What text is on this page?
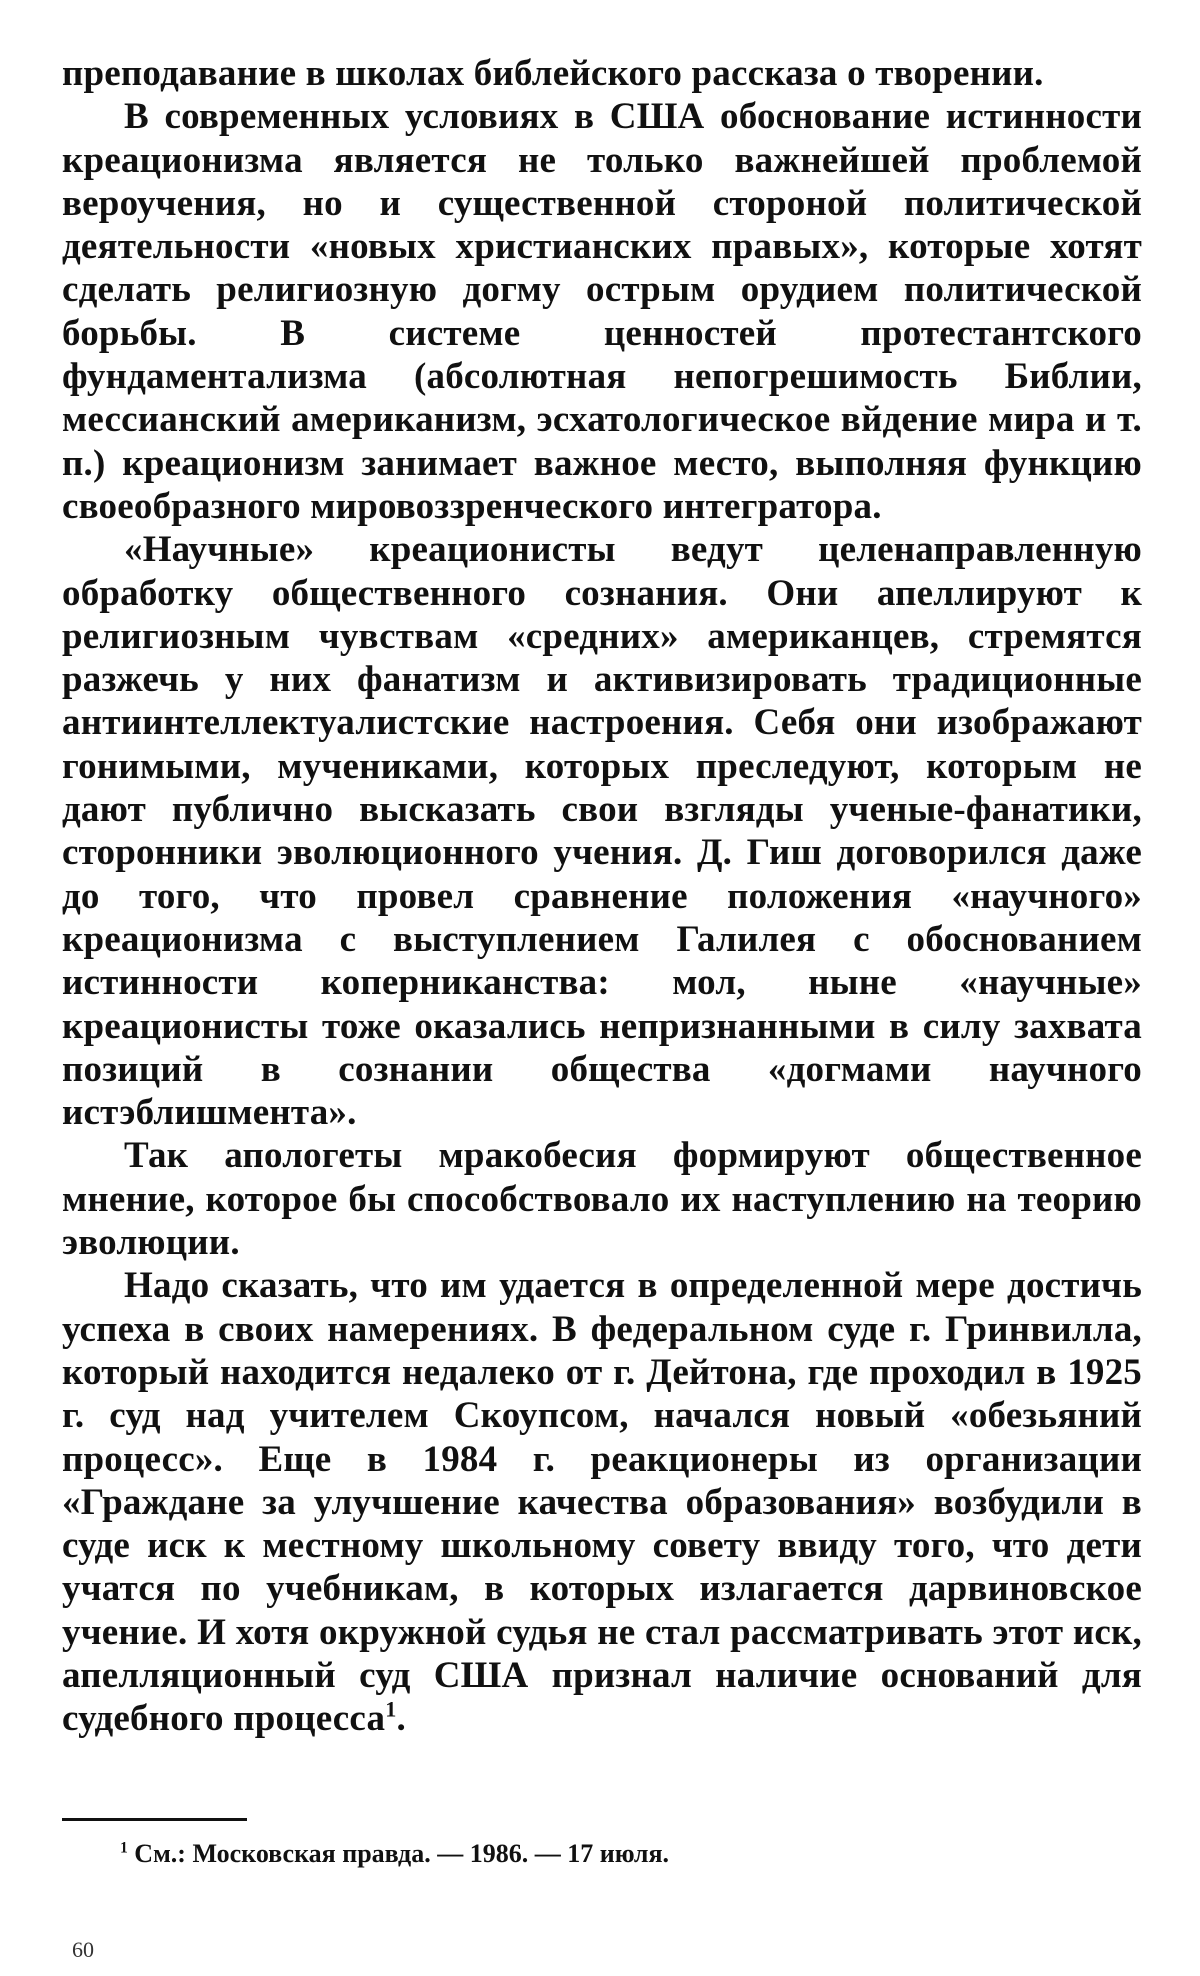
преподавание в школах библейского рассказа о творении.

В современных условиях в США обоснование истинности креационизма является не только важнейшей проблемой вероучения, но и существенной стороной политической деятельности «новых христианских правых», которые хотят сделать религиозную догму острым орудием политической борьбы. В системе ценностей протестантского фундаментализма (абсолютная непогрешимость Библии, мессианский американизм, эсхатологическое вйдение мира и т. п.) креационизм занимает важное место, выполняя функцию своеобразного мировоззренческого интегратора.

«Научные» креационисты ведут целенаправленную обработку общественного сознания. Они апеллируют к религиозным чувствам «средних» американцев, стремятся разжечь у них фанатизм и активизировать традиционные антиинтеллектуалистские настроения. Себя они изображают гонимыми, мучениками, которых преследуют, которым не дают публично высказать свои взгляды ученые-фанатики, сторонники эволюционного учения. Д. Гиш договорился даже до того, что провел сравнение положения «научного» креационизма с выступлением Галилея с обоснованием истинности коперниканства: мол, ныне «научные» креационисты тоже оказались непризнанными в силу захвата позиций в сознании общества «догмами научного истэблишмента».

Так апологеты мракобесия формируют общественное мнение, которое бы способствовало их наступлению на теорию эволюции.

Надо сказать, что им удается в определенной мере достичь успеха в своих намерениях. В федеральном суде г. Гринвилла, который находится недалеко от г. Дейтона, где проходил в 1925 г. суд над учителем Скоупсом, начался новый «обезьяний процесс». Еще в 1984 г. реакционеры из организации «Граждане за улучшение качества образования» возбудили в суде иск к местному школьному совету ввиду того, что дети учатся по учебникам, в которых излагается дарвиновское учение. И хотя окружной судья не стал рассматривать этот иск, апелляционный суд США признал наличие оснований для судебного процесса$^1$.

$^1$ См.: Московская правда. — 1986. — 17 июля.
60
